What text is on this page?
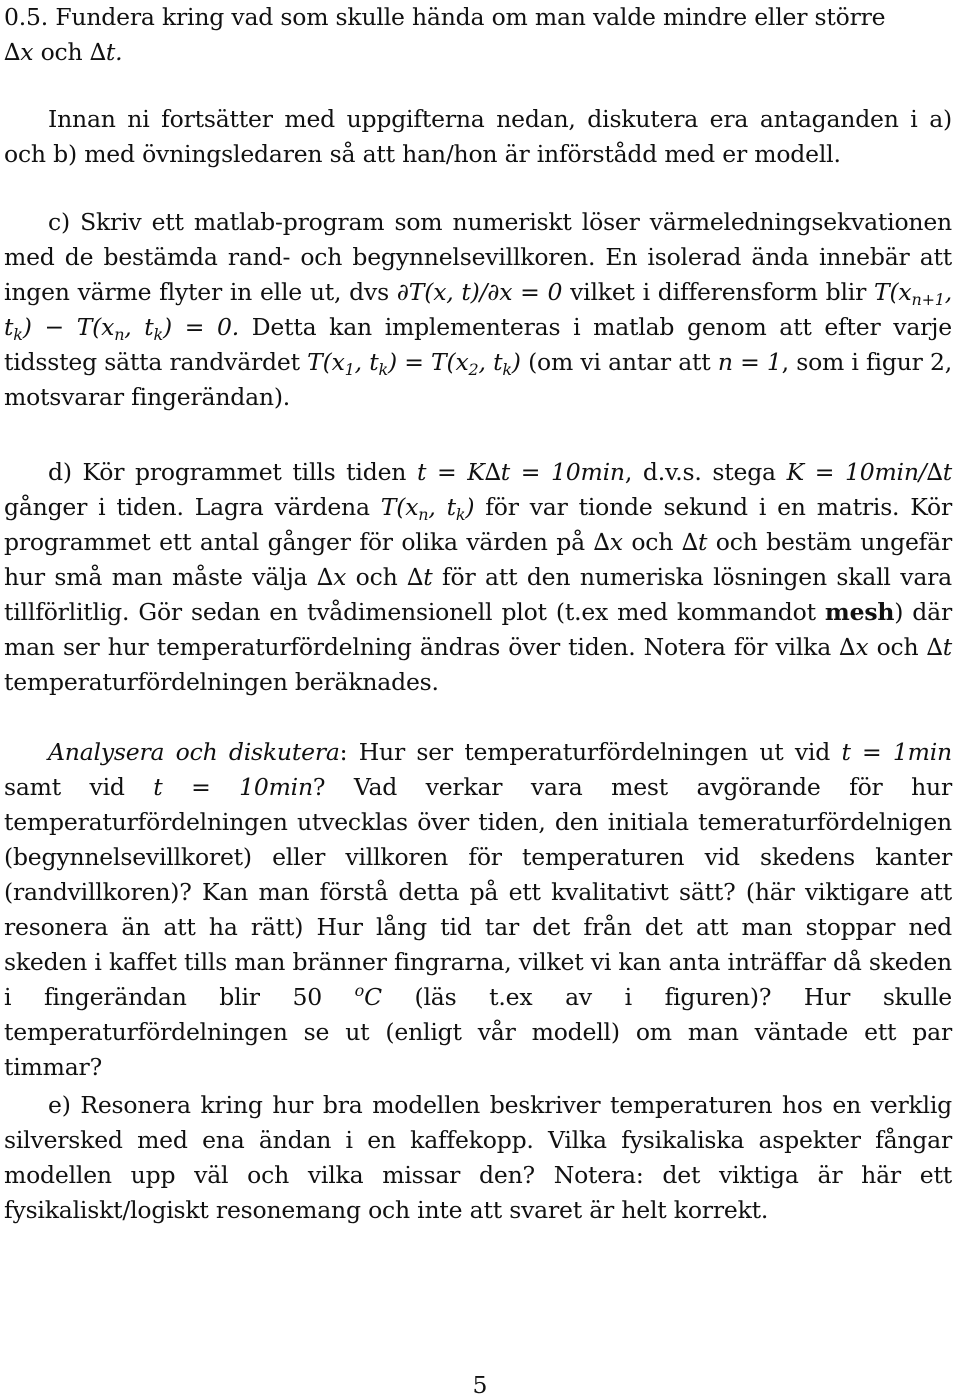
0.5. Fundera kring vad som skulle hända om man valde mindre eller större
∆x och ∆t.

Innan ni fortsätter med uppgifterna nedan, diskutera era antaganden i a) och b) med övningsledaren så att han/hon är införstådd med er modell.

c) Skriv ett matlab-program som numeriskt löser värmeledningsekvationen med de bestämda rand- och begynnelsevillkoren. En isolerad ända innebär att ingen värme flyter in elle ut, dvs ∂T(x, t)/∂x = 0 vilket i differensform blir $T(x_{n+1}$, $t_k) - T(x_n$, $t_k) = 0$. Detta kan implementeras i matlab genom att efter varje tidssteg sätta randvärdet $T(x_1$, $t_k) = T(x_2$, $t_k$) (om vi antar att n = 1, som i figur 2, motsvarar fingerändan).

d) Kör programmet tills tiden t = K∆t = 10min, d.v.s. stega K = 10min/∆t gånger i tiden. Lagra värdena $T(x_n$, $t_k$) för var tionde sekund i en matris. Kör programmet ett antal gånger för olika värden på ∆x och ∆t och bestäm ungefär hur små man måste välja ∆x och ∆t för att den numeriska lösningen skall vara tillförlitlig. Gör sedan en tvådimensionell plot (t.ex med kommandot mesh) där man ser hur temperaturfördelning ändras över tiden. Notera för vilka ∆x och ∆t temperaturfördelningen beräknades.

Analysera och diskutera: Hur ser temperaturfördelningen ut vid t = 1min samt vid t = 10min? Vad verkar vara mest avgörande för hur temperaturfördelningen utvecklas över tiden, den initiala temeraturfördelnigen (begynnelsevillkoret) eller villkoren för temperaturen vid skedens kanter (randvillkoren)? Kan man förstå detta på ett kvalitativt sätt? (här viktigare att resonera än att ha rätt) Hur lång tid tar det från det att man stoppar ned skeden i kaffet tills man bränner fingrarna, vilket vi kan anta inträffar då skeden i fingerändan blir 50 $^o$C (läs t.ex av i figuren)? Hur skulle temperaturfördelningen se ut (enligt vår modell) om man väntade ett par timmar?

e) Resonera kring hur bra modellen beskriver temperaturen hos en verklig silversked med ena ändan i en kaffekopp. Vilka fysikaliska aspekter fångar modellen upp väl och vilka missar den? Notera: det viktiga är här ett fysikaliskt/logiskt resonemang och inte att svaret är helt korrekt.

5
